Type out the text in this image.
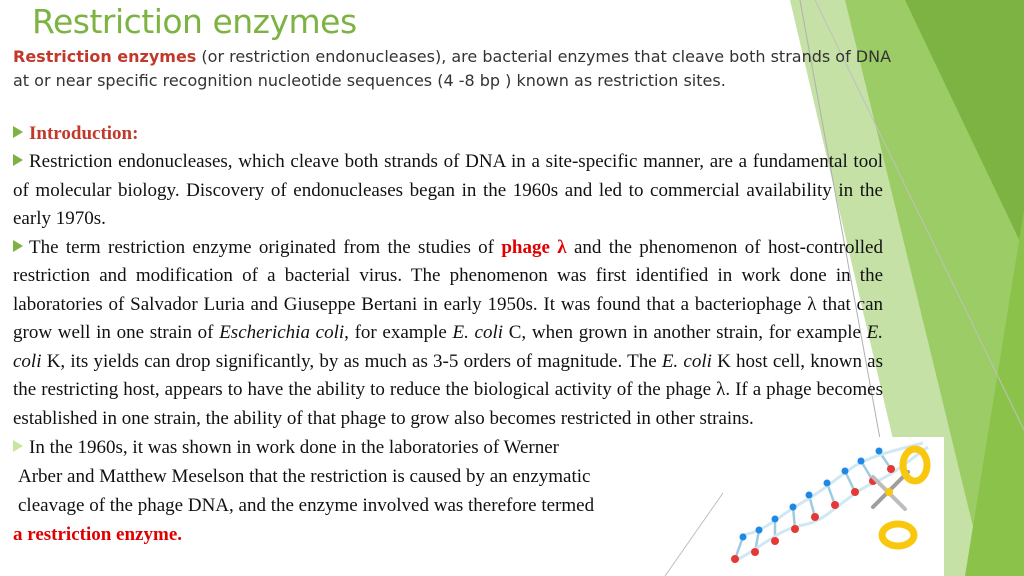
Restriction enzymes
Restriction enzymes (or restriction endonucleases), are bacterial enzymes that cleave both strands of DNA at or near specific recognition nucleotide sequences (4 -8 bp ) known as restriction sites.
Introduction:

Restriction endonucleases, which cleave both strands of DNA in a site-specific manner, are a fundamental tool of molecular biology. Discovery of endonucleases began in the 1960s and led to commercial availability in the early 1970s.

The term restriction enzyme originated from the studies of phage λ and the phenomenon of host-controlled restriction and modification of a bacterial virus. The phenomenon was first identified in work done in the laboratories of Salvador Luria and Giuseppe Bertani in early 1950s. It was found that a bacteriophage λ that can grow well in one strain of Escherichia coli, for example E. coli C, when grown in another strain, for example E. coli K, its yields can drop significantly, by as much as 3-5 orders of magnitude. The E. coli K host cell, known as the restricting host, appears to have the ability to reduce the biological activity of the phage λ. If a phage becomes established in one strain, the ability of that phage to grow also becomes restricted in other strains.

In the 1960s, it was shown in work done in the laboratories of Werner
Arber and Matthew Meselson that the restriction is caused by an enzymatic
cleavage of the phage DNA, and the enzyme involved was therefore termed
a restriction enzyme.
